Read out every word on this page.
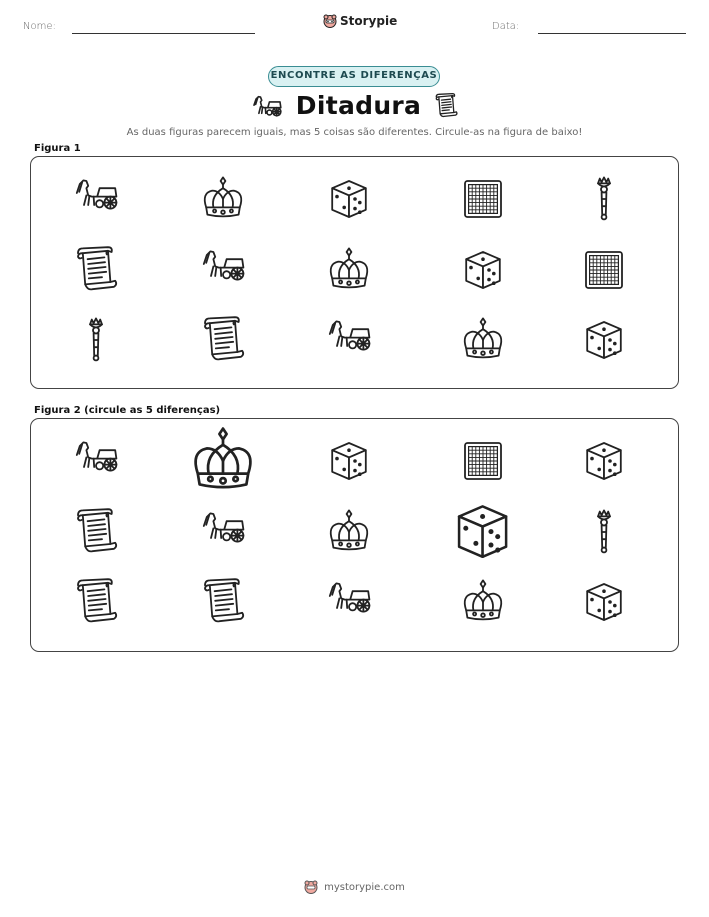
Nome:	Storypie	Data:
ENCONTRE AS DIFERENÇAS
Ditadura
As duas figuras parecem iguais, mas 5 coisas são diferentes. Circule-as na figura de baixo!
Figura 1
Figura 2 (circule as 5 diferenças)
mystorypie.com
